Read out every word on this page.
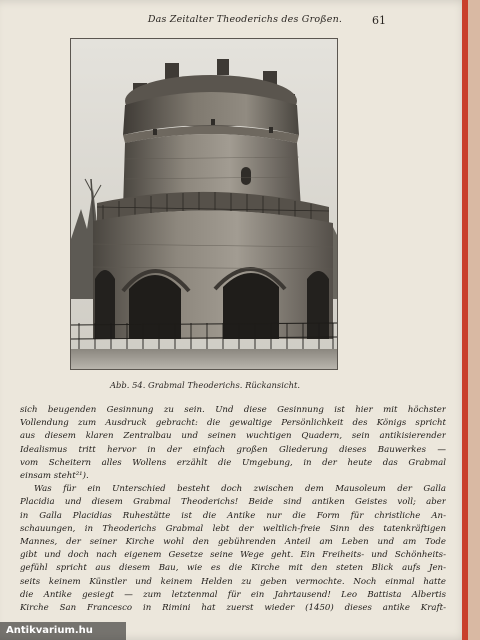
Das Zeitalter Theoderichs des Großen.	61
Abb. 54. Grabmal Theoderichs. Rückansicht.
sich beugenden Gesinnung zu sein. Und diese Gesinnung ist hier mit höchster
Vollendung zum Ausdruck gebracht: die gewaltige Persönlichkeit des Königs spricht
aus diesem klaren Zentralbau und seinen wuchtigen Quadern, sein antikisierender
Idealismus tritt hervor in der einfach großen Gliederung dieses Bauwerkes —
vom Scheitern alles Wollens erzählt die Umgebung, in der heute das Grabmal
einsam steht²¹).
Was für ein Unterschied besteht doch zwischen dem Mausoleum der Galla
Placidia und diesem Grabmal Theoderichs! Beide sind antiken Geistes voll; aber
in Galla Placidias Ruhestätte ist die Antike nur die Form für christliche An-
schauungen, in Theoderichs Grabmal lebt der weltlich-freie Sinn des tatenkräftigen
Mannes, der seiner Kirche wohl den gebührenden Anteil am Leben und am Tode
gibt und doch nach eigenem Gesetze seine Wege geht. Ein Freiheits- und Schönheits-
gefühl spricht aus diesem Bau, wie es die Kirche mit den steten Blick aufs Jen-
seits keinem Künstler und keinem Helden zu geben vermochte. Noch einmal hatte
die Antike gesiegt — zum letztenmal für ein Jahrtausend! Leo Battista Albertis
Kirche San Francesco in Rimini hat zuerst wieder (1450) dieses antike Kraft-
Antikvarium.hu
